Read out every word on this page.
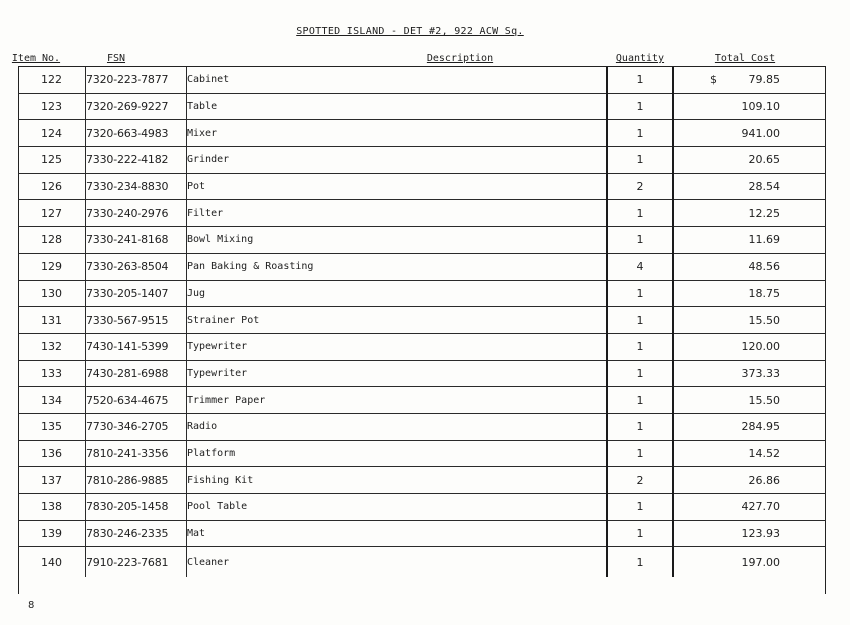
SPOTTED ISLAND - DET #2, 922 ACW Sq.
Item No.	FSN	Description	Quantity	Total Cost
122	7320-223-7877	Cabinet	1	$ 79.85

123	7320-269-9227	Table	1	109.10

124	7320-663-4983	Mixer	1	941.00

125	7330-222-4182	Grinder	1	20.65

126	7330-234-8830	Pot	2	28.54

127	7330-240-2976	Filter	1	12.25

128	7330-241-8168	Bowl Mixing	1	11.69

129	7330-263-8504	Pan Baking & Roasting	4	48.56

130	7330-205-1407	Jug	1	18.75

131	7330-567-9515	Strainer Pot	1	15.50

132	7430-141-5399	Typewriter	1	120.00

133	7430-281-6988	Typewriter	1	373.33

134	7520-634-4675	Trimmer Paper	1	15.50

135	7730-346-2705	Radio	1	284.95

136	7810-241-3356	Platform	1	14.52

137	7810-286-9885	Fishing Kit	2	26.86

138	7830-205-1458	Pool Table	1	427.70

139	7830-246-2335	Mat	1	123.93

140	7910-223-7681	Cleaner	1	197.00
8
